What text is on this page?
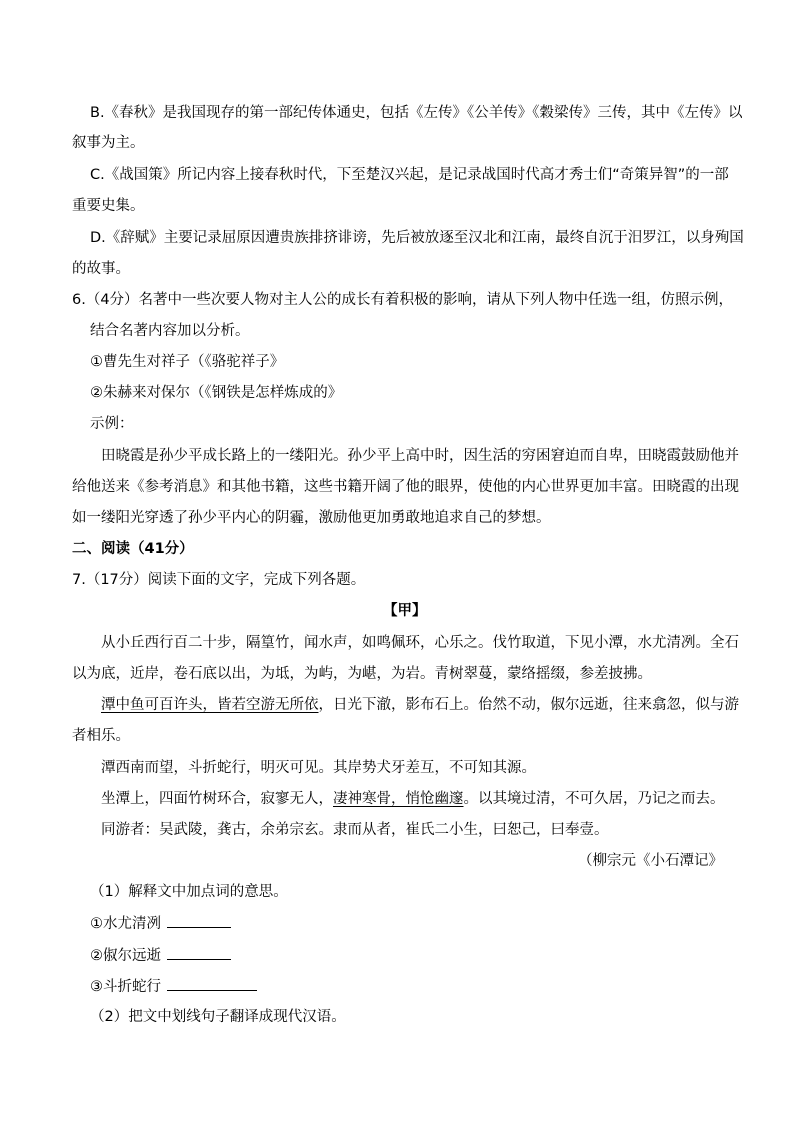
B.《春秋》是我国现存的第一部纪传体通史，包括《左传》《公羊传》《穀梁传》三传，其中《左传》以
叙事为主。
C.《战国策》所记内容上接春秋时代，下至楚汉兴起，是记录战国时代高才秀士们“奇策异智”的一部
重要史集。
D.《辞赋》主要记录屈原因遭贵族排挤诽谤，先后被放逐至汉北和江南，最终自沉于汨罗江，以身殉国
的故事。
6.（4分）名著中一些次要人物对主人公的成长有着积极的影响，请从下列人物中任选一组，仿照示例，
结合名著内容加以分析。
①曹先生对祥子（《骆驼祥子》
②朱赫来对保尔（《钢铁是怎样炼成的》
示例：
田晓霞是孙少平成长路上的一缕阳光。孙少平上高中时，因生活的穷困窘迫而自卑，田晓霞鼓励他并
给他送来《参考消息》和其他书籍，这些书籍开阔了他的眼界，使他的内心世界更加丰富。田晓霞的出现
如一缕阳光穿透了孙少平内心的阴霾，激励他更加勇敢地追求自己的梦想。
二、阅读（41分）
7.（17分）阅读下面的文字，完成下列各题。
【甲】
从小丘西行百二十步，隔篁竹，闻水声，如鸣佩环，心乐之。伐竹取道，下见小潭，水尤清冽。全石
以为底，近岸，卷石底以出，为坻，为屿，为嵁，为岩。青树翠蔓，蒙络摇缀，参差披拂。
潭中鱼可百许头，皆若空游无所依，日光下澈，影布石上。佁然不动，俶尔远逝，往来翕忽，似与游
者相乐。
潭西南而望，斗折蛇行，明灭可见。其岸势犬牙差互，不可知其源。
坐潭上，四面竹树环合，寂寥无人，凄神寒骨，悄怆幽邃。以其境过清，不可久居，乃记之而去。
同游者：吴武陵，龚古，余弟宗玄。隶而从者，崔氏二小生，曰恕己，曰奉壹。
（柳宗元《小石潭记》
（1）解释文中加点词的意思。
①水尤清冽
②俶尔远逝
③斗折蛇行
（2）把文中划线句子翻译成现代汉语。
